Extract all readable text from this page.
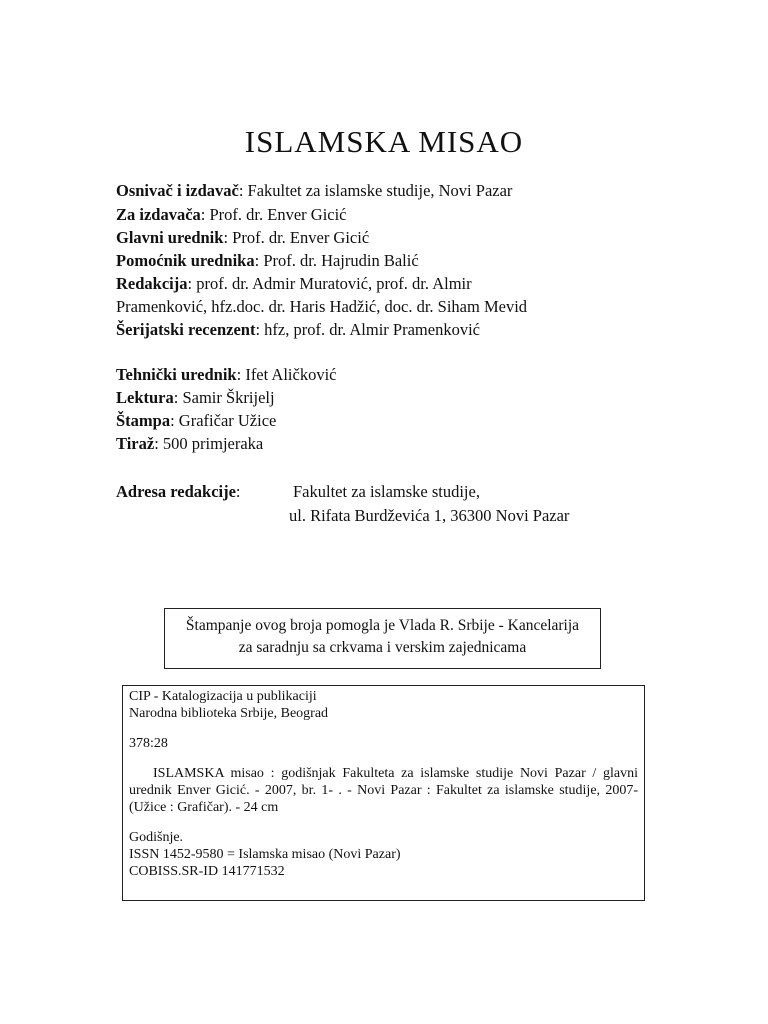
ISLAMSKA MISAO
Osnivač i izdavač: Fakultet za islamske studije, Novi Pazar
Za izdavača: Prof. dr. Enver Gicić
Glavni urednik: Prof. dr. Enver Gicić
Pomoćnik urednika: Prof. dr. Hajrudin Balić
Redakcija: prof. dr. Admir Muratović, prof. dr. Almir
Pramenković, hfz.doc. dr. Haris Hadžić, doc. dr. Siham Mevid
Šerijatski recenzent: hfz, prof. dr. Almir Pramenković
Tehnički urednik: Ifet Aličković
Lektura: Samir Škrijelj
Štampa: Grafičar Užice
Tiraž: 500 primjeraka
Adresa redakcije:	Fakultet za islamske studije,
ul. Rifata Burdževića 1, 36300 Novi Pazar
Štampanje ovog broja pomogla je Vlada R. Srbije - Kancelarija
za saradnju sa crkvama i verskim zajednicama
CIP - Katalogizacija u publikaciji
Narodna biblioteka Srbije, Beograd
378:28
ISLAMSKA misao : godišnjak Fakulteta za islamske studije Novi Pazar / glavni urednik Enver Gicić. - 2007, br. 1- . - Novi Pazar : Fakultet za islamske studije, 2007- (Užice : Grafičar). - 24 cm
Godišnje.
ISSN 1452-9580 = Islamska misao (Novi Pazar)
COBISS.SR-ID 141771532
